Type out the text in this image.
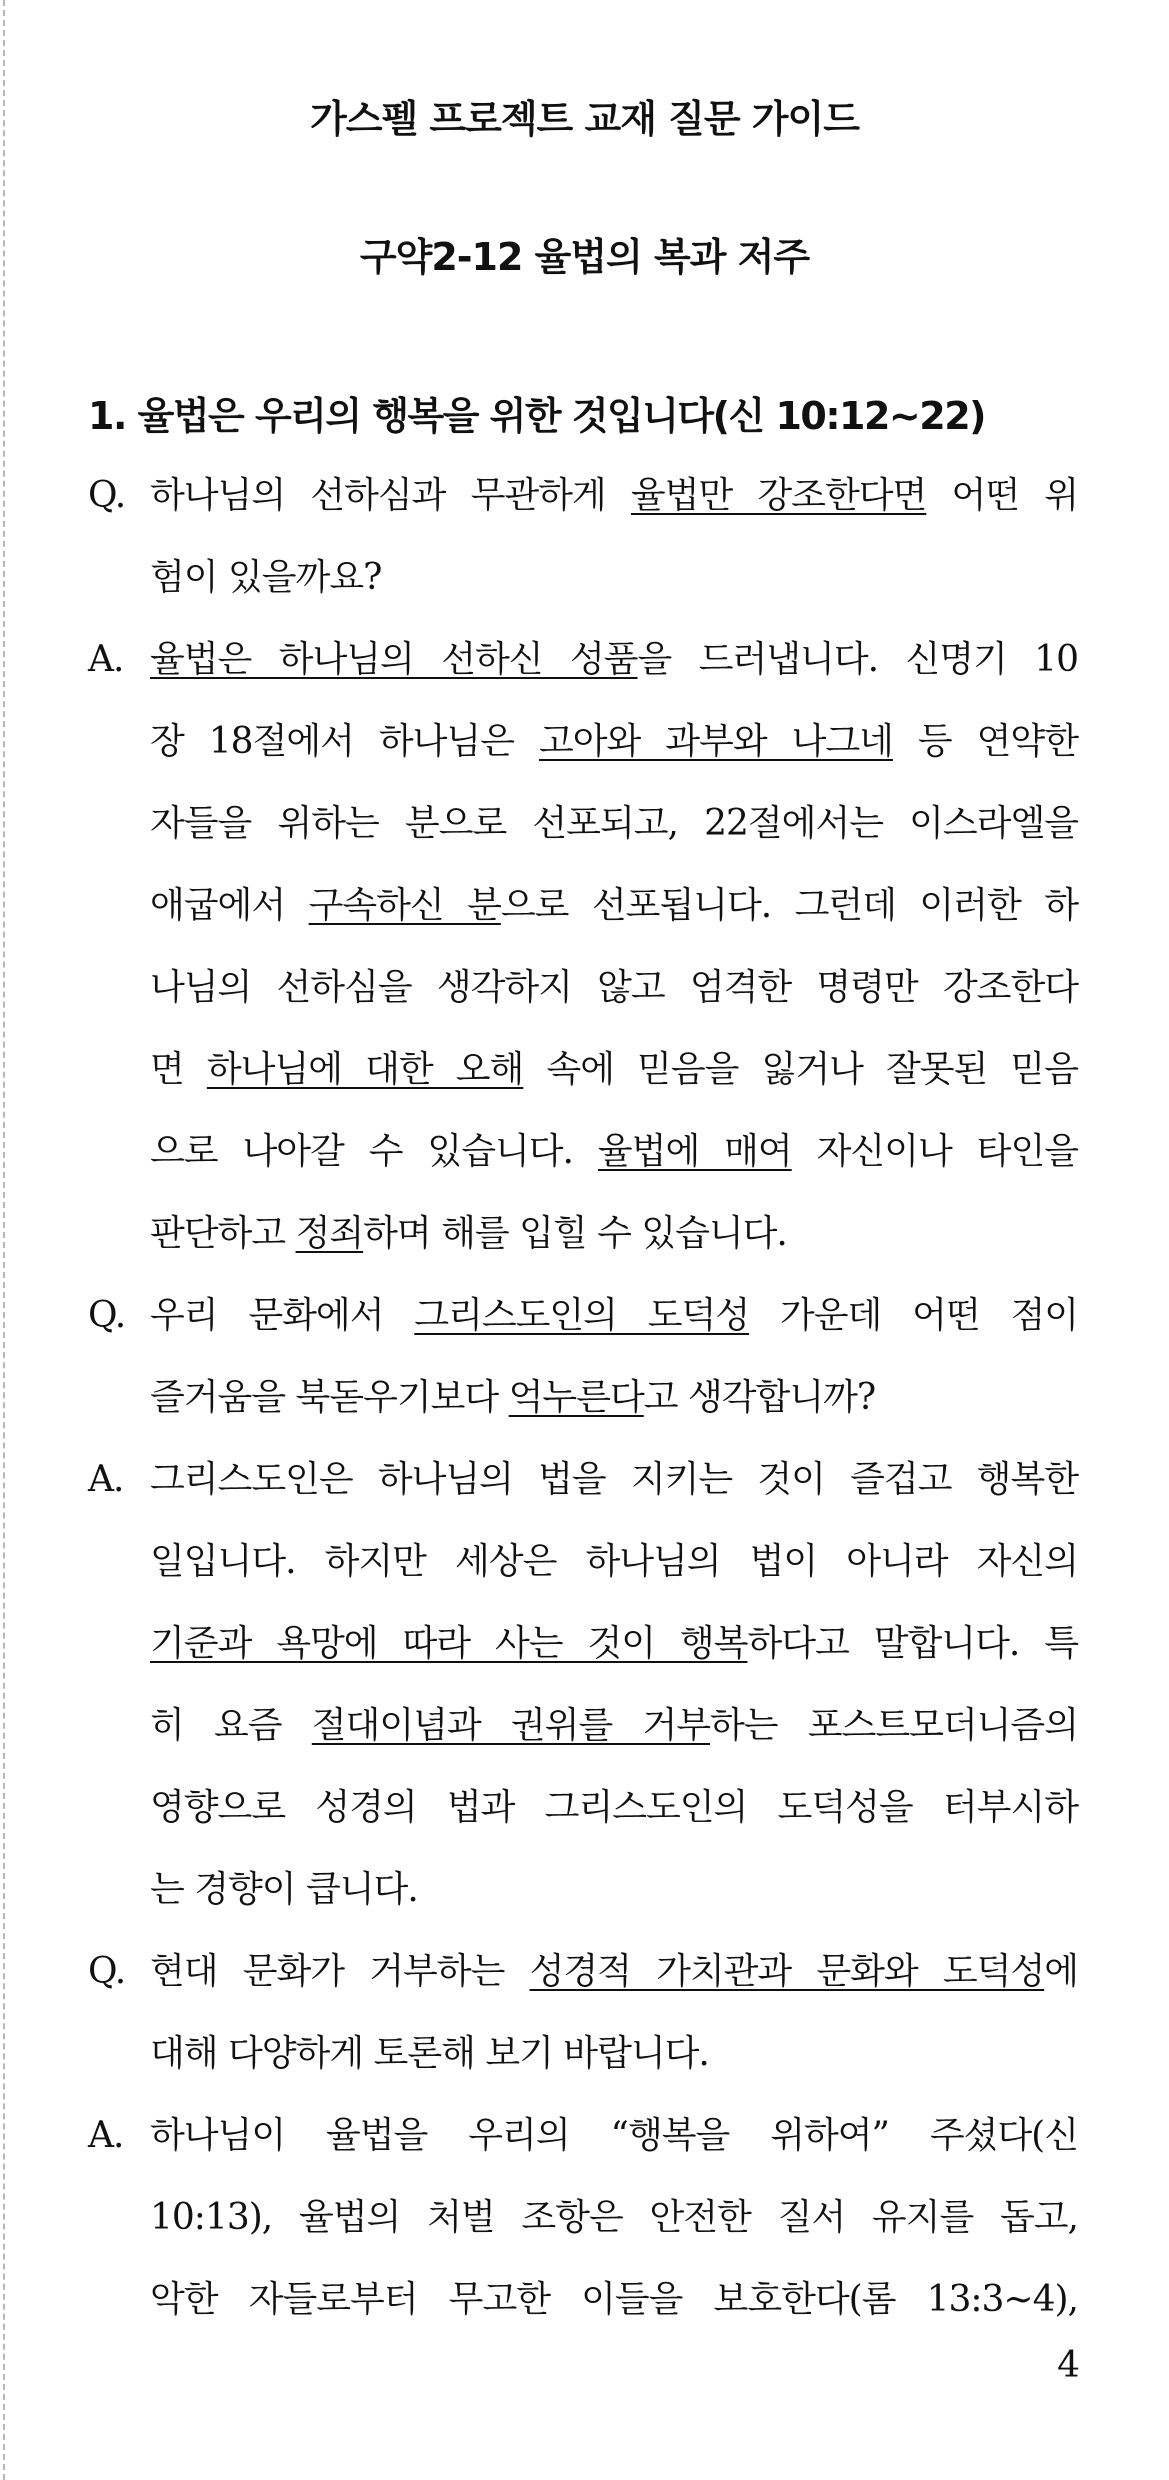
가스펠 프로젝트 교재 질문 가이드
구약2-12 율법의 복과 저주
1. 율법은 우리의 행복을 위한 것입니다(신 10:12~22)
Q. 하나님의 선하심과 무관하게 율법만 강조한다면 어떤 위
험이 있을까요?
A. 율법은 하나님의 선하신 성품을 드러냅니다. 신명기 10
장 18절에서 하나님은 고아와 과부와 나그네 등 연약한
자들을 위하는 분으로 선포되고, 22절에서는 이스라엘을
애굽에서 구속하신 분으로 선포됩니다. 그런데 이러한 하
나님의 선하심을 생각하지 않고 엄격한 명령만 강조한다
면 하나님에 대한 오해 속에 믿음을 잃거나 잘못된 믿음
으로 나아갈 수 있습니다. 율법에 매여 자신이나 타인을
판단하고 정죄하며 해를 입힐 수 있습니다.
Q. 우리 문화에서 그리스도인의 도덕성 가운데 어떤 점이
즐거움을 북돋우기보다 억누른다고 생각합니까?
A. 그리스도인은 하나님의 법을 지키는 것이 즐겁고 행복한
일입니다. 하지만 세상은 하나님의 법이 아니라 자신의
기준과 욕망에 따라 사는 것이 행복하다고 말합니다. 특
히 요즘 절대이념과 권위를 거부하는 포스트모더니즘의
영향으로 성경의 법과 그리스도인의 도덕성을 터부시하
는 경향이 큽니다.
Q. 현대 문화가 거부하는 성경적 가치관과 문화와 도덕성에
대해 다양하게 토론해 보기 바랍니다.
A. 하나님이 율법을 우리의 “행복을 위하여” 주셨다(신
10:13), 율법의 처벌 조항은 안전한 질서 유지를 돕고,
악한 자들로부터 무고한 이들을 보호한다(롬 13:3~4),
4
